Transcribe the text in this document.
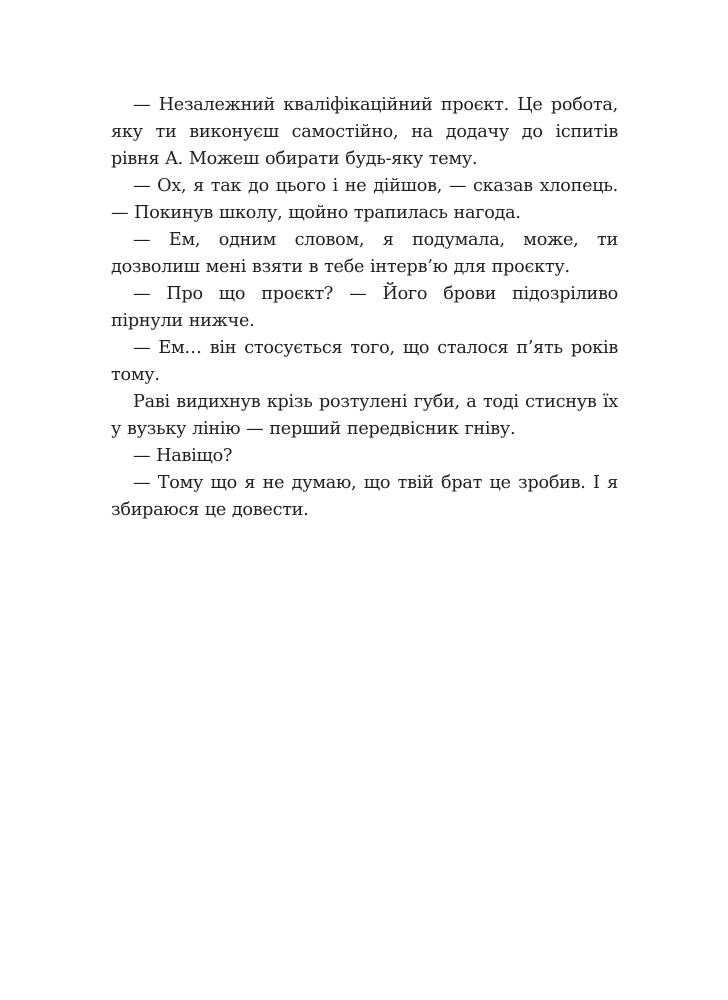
— Незалежний кваліфікаційний проєкт. Це робота, яку ти виконуєш самостійно, на додачу до іспитів рівня A. Можеш обирати будь-яку тему.

— Ох, я так до цього і не дійшов, — сказав хлопець. — Покинув школу, щойно трапилась нагода.

— Ем, одним словом, я подумала, може, ти дозволиш мені взяти в тебе інтерв’ю для проєкту.

— Про що проєкт? — Його брови підозріливо пірнули нижче.

— Ем… він стосується того, що сталося п’ять років тому.

Раві видихнув крізь розтулені губи, а тоді стиснув їх у вузьку лінію — перший передвісник гніву.

— Навіщо?

— Тому що я не думаю, що твій брат це зробив. І я збираюся це довести.
